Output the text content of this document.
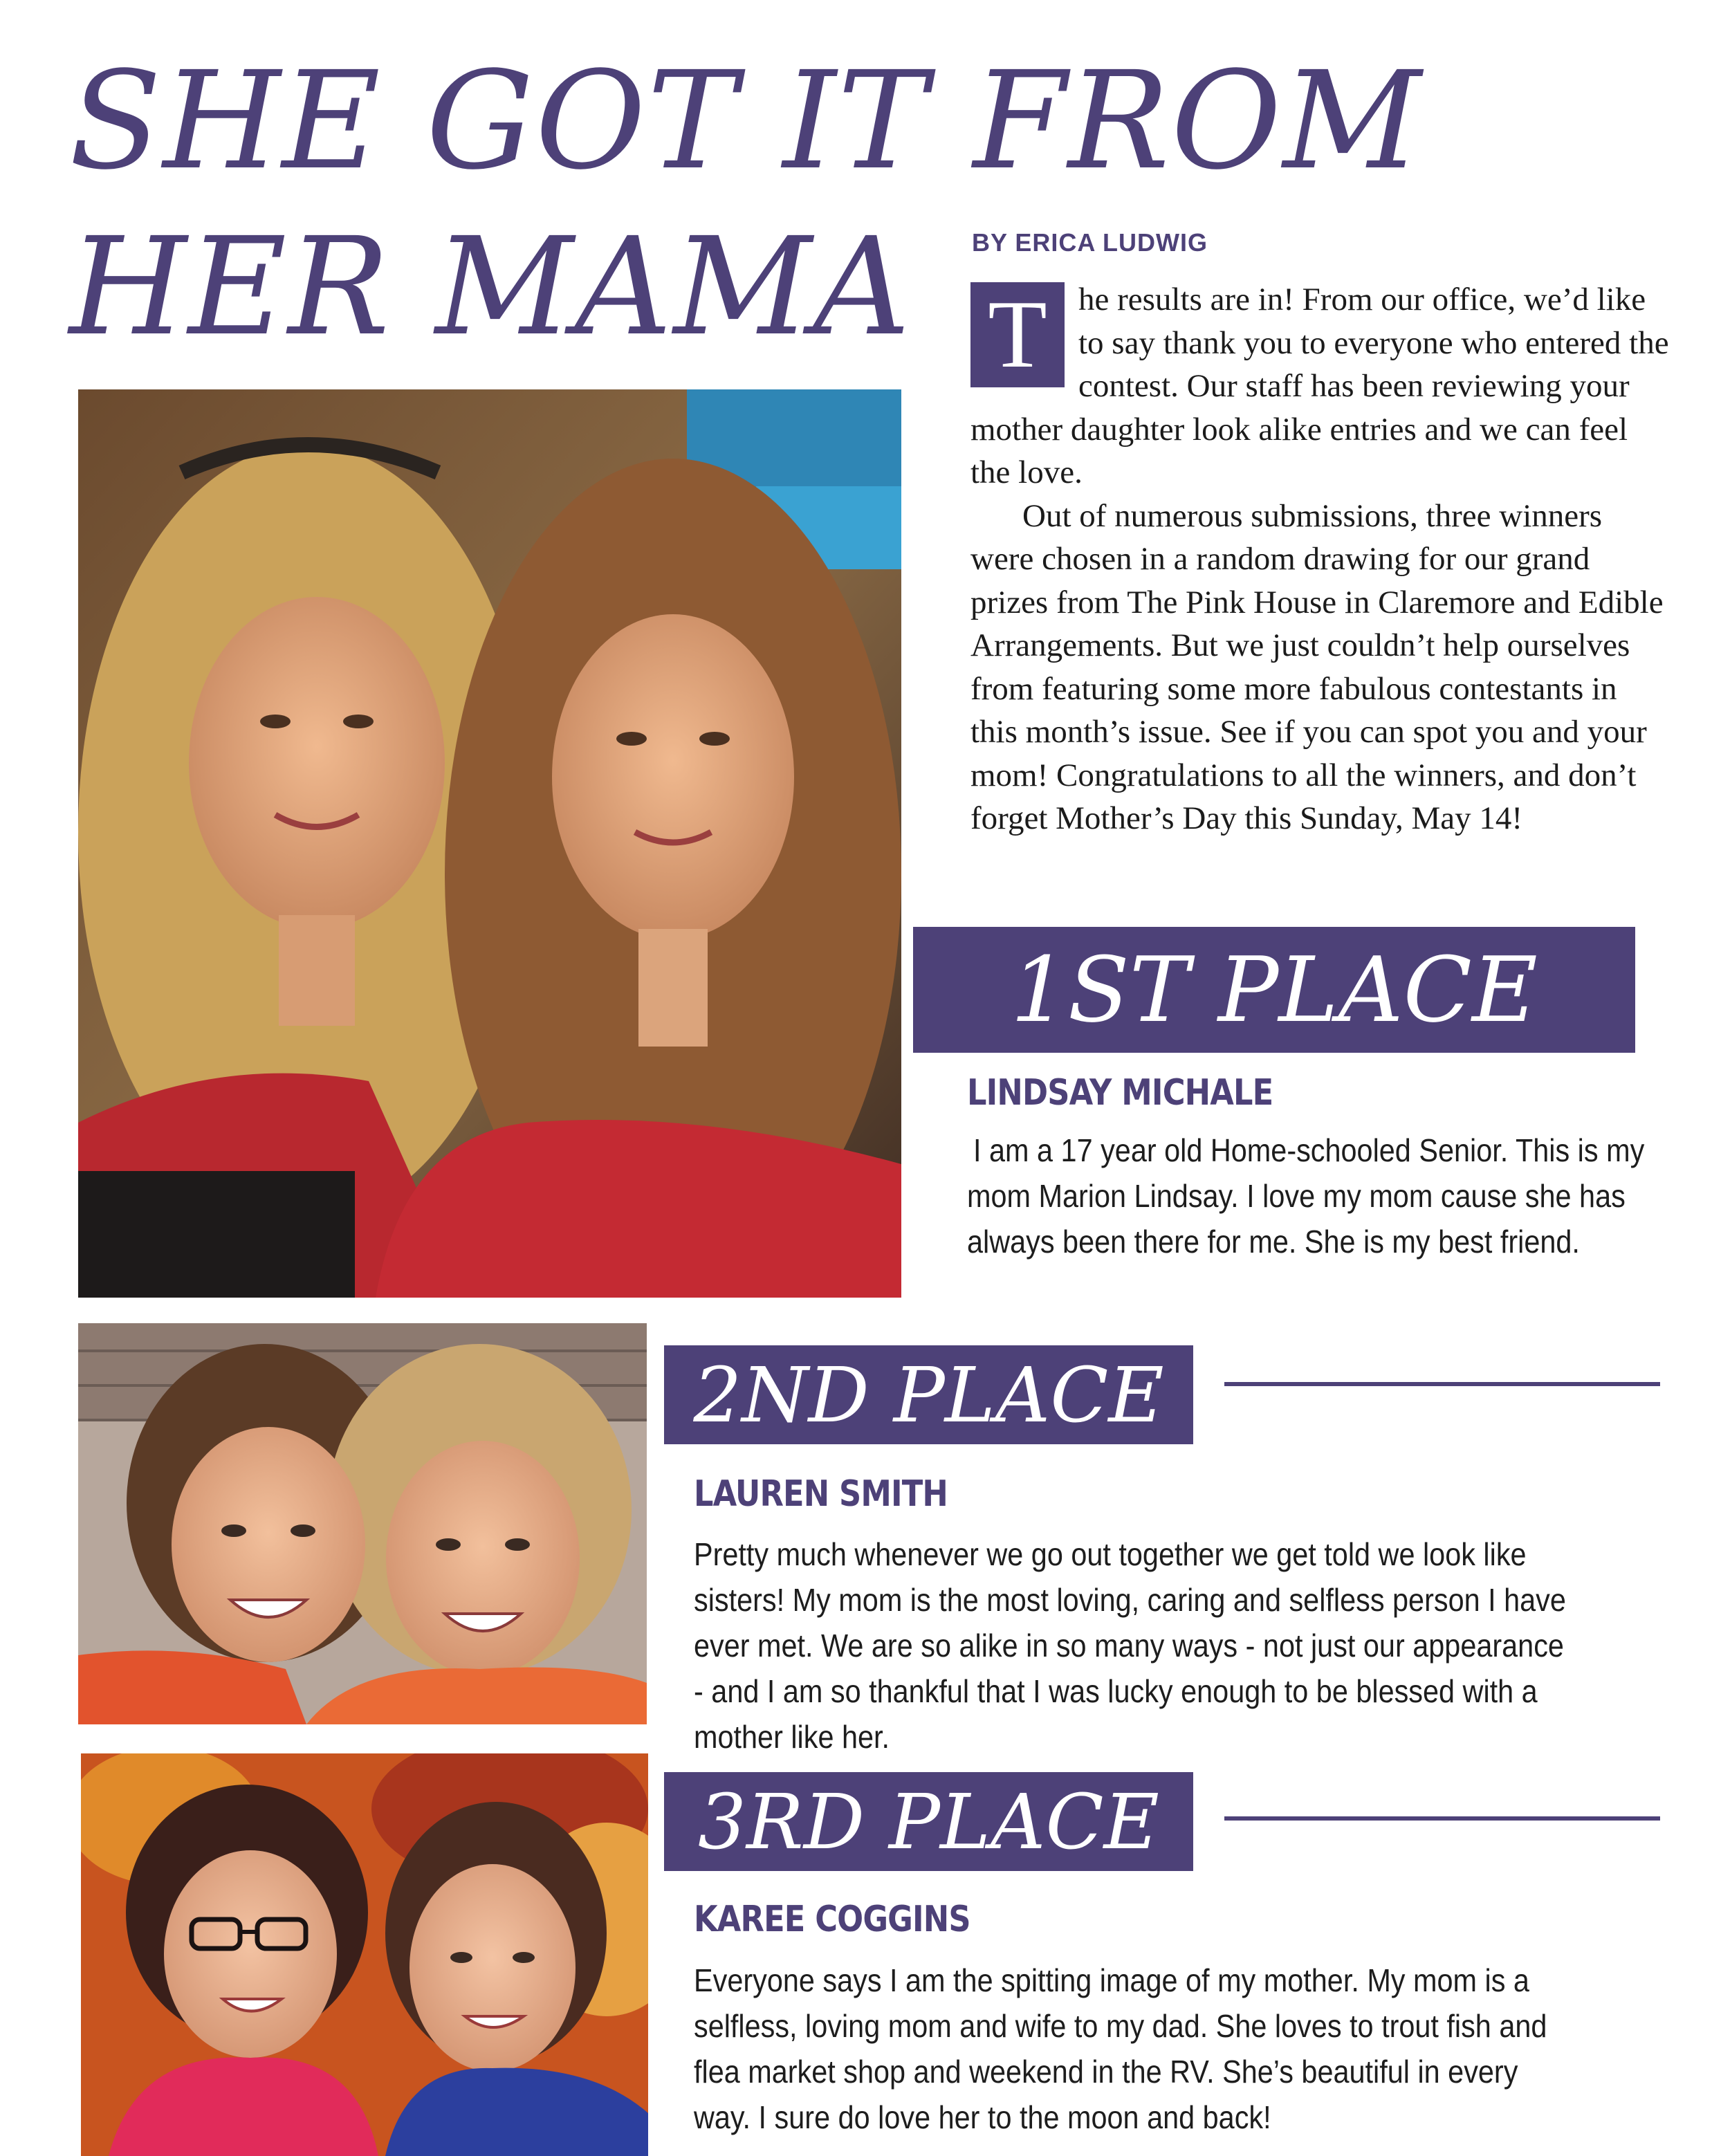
SHE GOT IT FROM
HER MAMA	BY ERICA LUDWIG

T he results are in! From our office, we’d like to say thank you to everyone who entered the contest. Our staff has been reviewing your mother daughter look alike entries and we can feel the love.

Out of numerous submissions, three winners were chosen in a random drawing for our grand prizes from The Pink House in Claremore and Edible Arrangements. But we just couldn’t help ourselves from featuring some more fabulous contestants in this month’s issue. See if you can spot you and your mom! Congratulations to all the winners, and don’t forget Mother’s Day this Sunday, May 14!

1ST PLACE
LINDSAY MICHALE
I am a 17 year old Home-schooled Senior. This is my mom Marion Lindsay. I love my mom cause she has always been there for me. She is my best friend.
2ND PLACE
LAUREN SMITH
Pretty much whenever we go out together we get told we look like sisters! My mom is the most loving, caring and selfless person I have ever met. We are so alike in so many ways - not just our appearance - and I am so thankful that I was lucky enough to be blessed with a mother like her.
3RD PLACE
KAREE COGGINS
Everyone says I am the spitting image of my mother. My mom is a selfless, loving mom and wife to my dad. She loves to trout fish and flea market shop and weekend in the RV. She’s beautiful in every way. I sure do love her to the moon and back!
